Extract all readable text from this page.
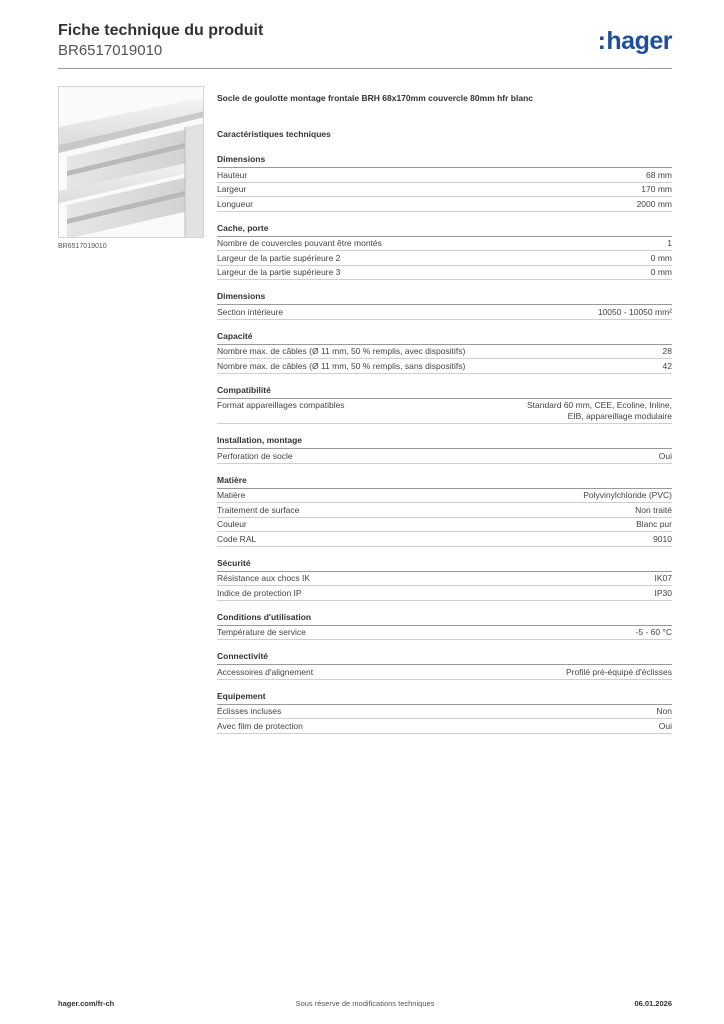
Fiche technique du produit

BR6517019010	:hager
BR6517019010

Socle de goulotte montage frontale BRH 68x170mm couvercle 80mm hfr blanc

Caractéristiques techniques

Dimensions
Hauteur	68 mm
Largeur	170 mm
Longueur	2000 mm
Cache, porte
Nombre de couvercles pouvant être montés	1
Largeur de la partie supérieure 2	0 mm
Largeur de la partie supérieure 3	0 mm
Dimensions
Section intérieure	10050 - 10050 mm²
Capacité
Nombre max. de câbles (Ø 11 mm, 50 % remplis, avec dispositifs)	28
Nombre max. de câbles (Ø 11 mm, 50 % remplis, sans dispositifs)	42
Compatibilité
Format appareillages compatibles	Standard 60 mm, CEE, Ecoline, Inline,
EIB, appareillage modulaire
Installation, montage
Perforation de socle	Oui
Matière
Matière	Polyvinylchloride (PVC)
Traitement de surface	Non traité
Couleur	Blanc pur
Code RAL	9010
Sécurité
Résistance aux chocs IK	IK07
Indice de protection IP	IP30
Conditions d'utilisation
Température de service	-5 - 60 °C
Connectivité
Accessoires d'alignement	Profilé pré-équipé d'éclisses
Equipement
Éclisses incluses	Non
Avec film de protection	Oui
hager.com/fr-ch	Sous réserve de modifications techniques	06.01.2026
